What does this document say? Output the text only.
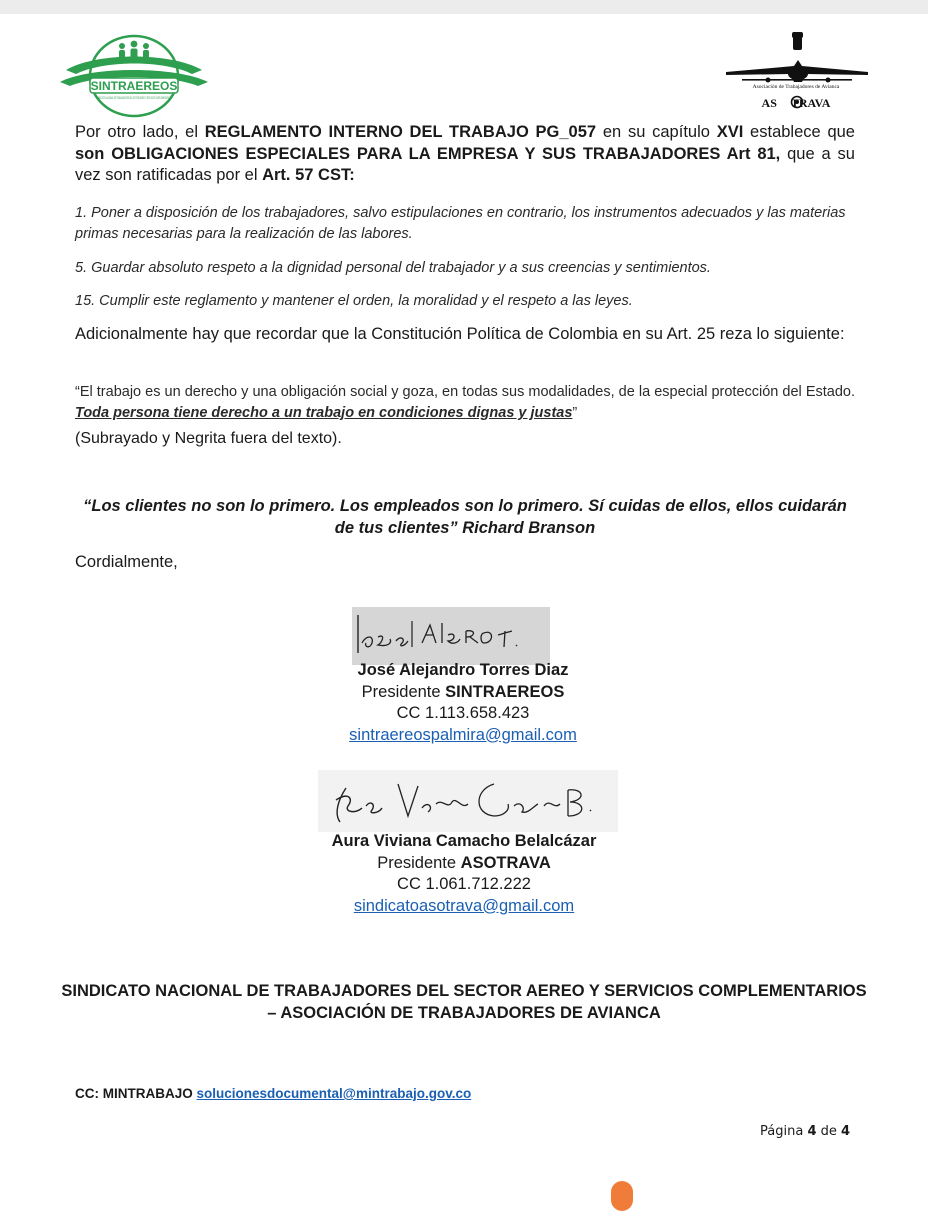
SINTRAEREOS
SINDICATO NACIONAL DE TRABAJADORES DEL SECTOR AEREO Y SERVICIOS COMPLEMENTARIOS
Asociación de Trabajadores de Avianca
AS TRAVA
Por otro lado, el REGLAMENTO INTERNO DEL TRABAJO PG_057 en su capítulo XVI establece que son OBLIGACIONES ESPECIALES PARA LA EMPRESA Y SUS TRABAJADORES Art 81, que a su vez son ratificadas por el Art. 57 CST:
1. Poner a disposición de los trabajadores, salvo estipulaciones en contrario, los instrumentos adecuados y las materias primas necesarias para la realización de las labores.
5. Guardar absoluto respeto a la dignidad personal del trabajador y a sus creencias y sentimientos.
15. Cumplir este reglamento y mantener el orden, la moralidad y el respeto a las leyes.
Adicionalmente hay que recordar que la Constitución Política de Colombia en su Art. 25 reza lo siguiente:
“El trabajo es un derecho y una obligación social y goza, en todas sus modalidades, de la especial protección del Estado. Toda persona tiene derecho a un trabajo en condiciones dignas y justas”
(Subrayado y Negrita fuera del texto).
“Los clientes no son lo primero. Los empleados son lo primero. Sí cuidas de ellos, ellos cuidarán de tus clientes” Richard Branson
Cordialmente,
José Alejandro Torres Diaz
Presidente SINTRAEREOS
CC 1.113.658.423
sintraereospalmira@gmail.com
Aura Viviana Camacho Belalcázar
Presidente ASOTRAVA
CC 1.061.712.222
sindicatoasotrava@gmail.com
SINDICATO NACIONAL DE TRABAJADORES DEL SECTOR AEREO Y SERVICIOS COMPLEMENTARIOS – ASOCIACIÓN DE TRABAJADORES DE AVIANCA
CC: MINTRABAJO solucionesdocumental@mintrabajo.gov.co
Página 4 de 4
